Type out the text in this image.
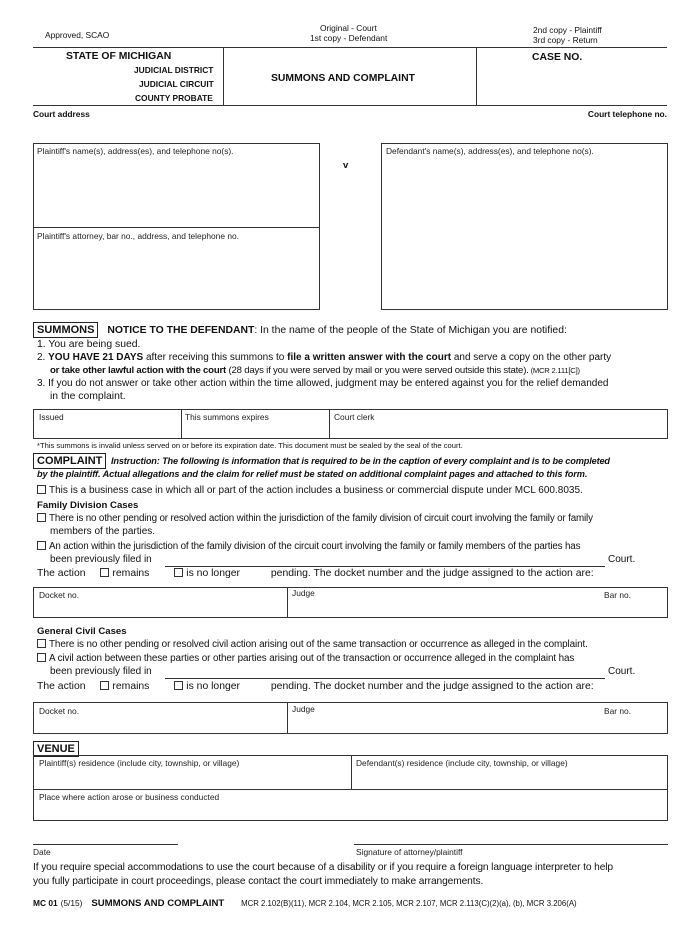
Approved, SCAO
Original - Court
1st copy - Defendant
2nd copy - Plaintiff
3rd copy - Return
STATE OF MICHIGAN
JUDICIAL DISTRICT
JUDICIAL CIRCUIT
COUNTY PROBATE
SUMMONS AND COMPLAINT
CASE NO.
Court address	Court telephone no.
Plaintiff's name(s), address(es), and telephone no(s).
Plaintiff's attorney, bar no., address, and telephone no.
v
Defendant's name(s), address(es), and telephone no(s).
SUMMONS NOTICE TO THE DEFENDANT: In the name of the people of the State of Michigan you are notified:
1. You are being sued.
2. YOU HAVE 21 DAYS after receiving this summons to file a written answer with the court and serve a copy on the other party
or take other lawful action with the court (28 days if you were served by mail or you were served outside this state). (MCR 2.111[C])
3. If you do not answer or take other action within the time allowed, judgment may be entered against you for the relief demanded
in the complaint.
Issued	This summons expires	Court clerk
*This summons is invalid unless served on or before its expiration date. This document must be sealed by the seal of the court.
COMPLAINT Instruction: The following is information that is required to be in the caption of every complaint and is to be completed
by the plaintiff. Actual allegations and the claim for relief must be stated on additional complaint pages and attached to this form.
This is a business case in which all or part of the action includes a business or commercial dispute under MCL 600.8035.
Family Division Cases
There is no other pending or resolved action within the jurisdiction of the family division of circuit court involving the family or family
members of the parties.
An action within the jurisdiction of the family division of the circuit court involving the family or family members of the parties has
been previously filed in	Court.
The action	remains	is no longer	pending. The docket number and the judge assigned to the action are:
Docket no.	Judge	Bar no.
General Civil Cases
There is no other pending or resolved civil action arising out of the same transaction or occurrence as alleged in the complaint.
A civil action between these parties or other parties arising out of the transaction or occurrence alleged in the complaint has
been previously filed in	Court.
The action	remains	is no longer	pending. The docket number and the judge assigned to the action are:
Docket no.	Judge	Bar no.
VENUE
Plaintiff(s) residence (include city, township, or village)	Defendant(s) residence (include city, township, or village)
Place where action arose or business conducted
Date	Signature of attorney/plaintiff
If you require special accommodations to use the court because of a disability or if you require a foreign language interpreter to help
you fully participate in court proceedings, please contact the court immediately to make arrangements.
MC 01 (5/15) SUMMONS AND COMPLAINT MCR 2.102(B)(11), MCR 2.104, MCR 2.105, MCR 2.107, MCR 2.113(C)(2)(a), (b), MCR 3.206(A)
